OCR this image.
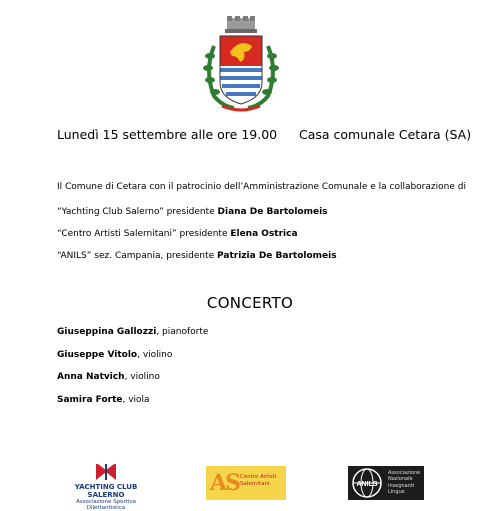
Lunedì 15 settembre alle ore 19.00 Casa comunale Cetara (SA)
Il Comune di Cetara con il patrocinio dell’Amministrazione Comunale e la collaborazione di
“Yachting Club Salerno” presidente Diana De Bartolomeis
“Centro Artisti Salernitani” presidente Elena Ostrica
“ANILS” sez. Campania, presidente Patrizia De Bartolomeis
CONCERTO
Giuseppina Gallozzi, pianoforte
Giuseppe Vitolo, violino
Anna Natvich, violino
Samira Forte, viola
YACHTING CLUB SALERNO
Associazione Sportiva Dilettantistica
AS Centro Artisti Salernitani	ANILS
Associazione Nazionale Insegnanti Lingue
